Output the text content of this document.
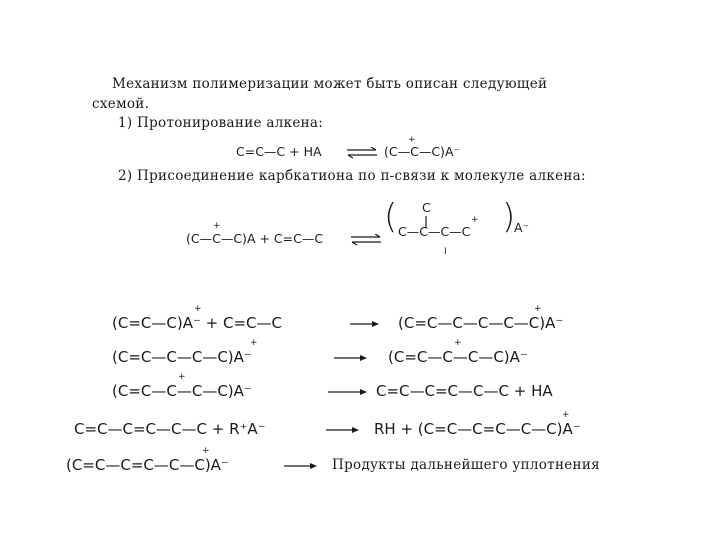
Механизм полимеризации может быть описан следующей
схемой.
1) Протонирование алкена:
C=C—C + HA ⇌ (C—C—C)A⁻
+
2) Присоединение карбкатиона по π-связи к молекуле алкена:
(C—C—C)A + C=C—C
+	( C
C—C—C—C
+ )
A⁻
I
(C=C—C)A⁻ + C=C—C
+
→ (C=C—C—C—C—C)A⁻
+
(C=C—C—C—C)A⁻
+
→ (C=C—C—C—C)A⁻
+
(C=C—C—C—C)A⁻
+
→ C=C—C=C—C—C + HA
C=C—C=C—C—C + R⁺A⁻	→ RH + (C=C—C=C—C—C)A⁻
+
(C=C—C=C—C—C)A⁻
+
→ Продукты дальнейшего уплотнения
